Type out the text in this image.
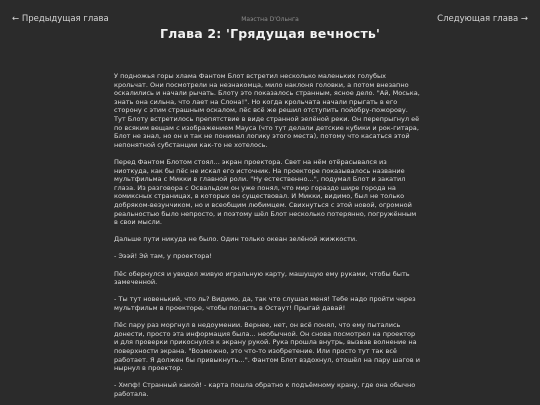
← Предыдущая глава	Следующая глава →
Маэстна D'Ольнга
Глава 2: 'Грядущая вечность'

У подножья горы хлама Фантом Блот встретил несколько маленьких голубых крольчат. Они посмотрели на незнакомца, мило наклоня головки, а потом внезапно оскалились и начали рычать. Блоту это показалось странным, ясное дело. "Ай, Моська, знать она сильна, что лает на Слона!". Но когда крольчата начали прыгать в его сторону с этим страшным оскалом, пёс всё же решил отступить пойобру-пожорову. Тут Блоту встретилось препятствие в виде странной зелёной реки. Он перепрыгнул её по всяким вещам с изображением Мауса (что тут делали детские кубики и рок-гитара, Блот не знал, но он и так не понимал логику этого места), потому что касаться этой непонятной субстанции как-то не хотелось.

Перед Фантом Блотом стоял... экран проектора. Свет на нём отёрасывался из ниоткуда, как бы пёс не искал его источник. На проекторе показывалось название мультфильма с Микки в главной роли. "Ну естественно...", подумал Блот и закатил глаза. Из разговора с Освальдом он уже понял, что мир гораздо шире города на комиксных страницах, в которых он существовал. И Микки, видимо, был не только добряком-везунчиком, но и всеобщим любимцем. Свихнуться с этой новой, огромной реальностью было непросто, и поэтому шёл Блот несколько потерянно, погружённым в свои мысли.

Дальше пути никуда не было. Один только океан зелёной жижкости.

- Эээй! Эй там, у проектора!

Пёс обернулся и увидел живую игральную карту, машущую ему руками, чтобы быть замеченной.

- Ты тут новенький, что ль? Видимо, да, так что слушая меня! Тебе надо пройти через мультфильм в проекторе, чтобы попасть в Остаут! Прыгай давай!

Пёс пару раз моргнул в недоумении. Вернее, нет, он всё понял, что ему пытались донести, просто эта информация была... необычной. Он снова посмотрел на проектор и для проверки прикоснулся к экрану рукой. Рука прошла внутрь, вызвав волнение на поверхности экрана. "Возможно, это что-то изобретение. Или просто тут так всё работает. Я должен бы привыкнуть...". Фантом Блот вздохнул, отошёл на пару шагов и нырнул в проектор.

- Хмпф! Странный какой! - карта пошла обратно к подъёмному крану, где она обычно работала.
